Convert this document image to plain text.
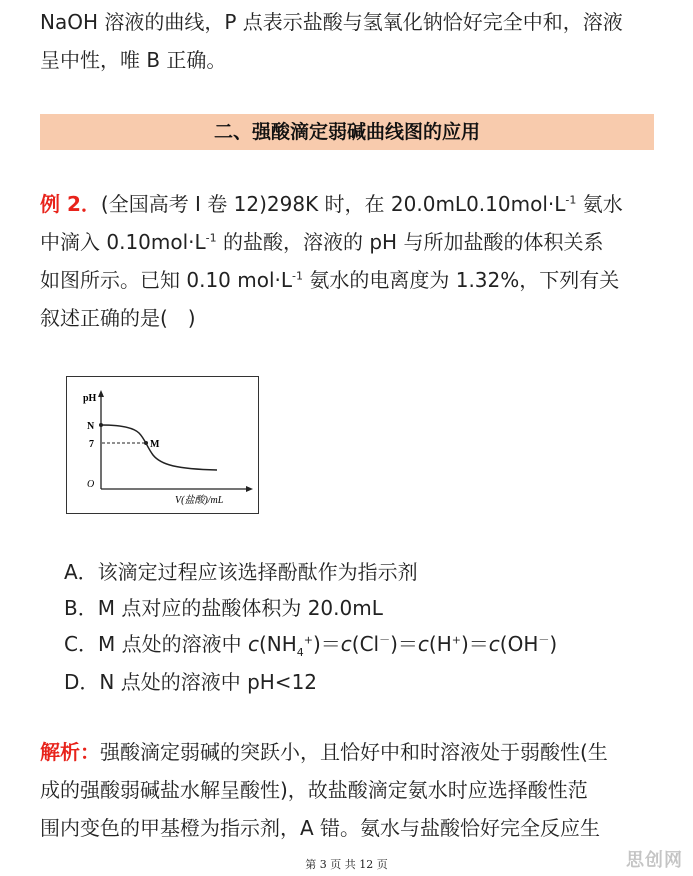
NaOH 溶液的曲线，P 点表示盐酸与氢氧化钠恰好完全中和，溶液
呈中性，唯 B 正确。
二、强酸滴定弱碱曲线图的应用
例 2．(全国高考 I 卷 12)298K 时，在 $20.0mL0.10mol\cdot L^{-1}$ 氨水
中滴入 $0.10mol\cdot L^{-1}$ 的盐酸，溶液的 pH 与所加盐酸的体积关系
如图所示。已知 0.10 $mol\cdot L^{-1}$ 氨水的电离度为 1.32%，下列有关
叙述正确的是(　)
pH
N
7
O
M
V(盐酸)/mL
A．该滴定过程应该选择酚酞作为指示剂
B．M 点对应的盐酸体积为 20.0mL
C．M 点处的溶液中 $c(NH_4^+)=c(Cl^-)=c(H^+)=c(OH^-)$
D．N 点处的溶液中 pH<12
解析：强酸滴定弱碱的突跃小，且恰好中和时溶液处于弱酸性(生
成的强酸弱碱盐水解呈酸性)，故盐酸滴定氨水时应选择酸性范
围内变色的甲基橙为指示剂，A 错。氨水与盐酸恰好完全反应生
第 3 页 共 12 页	思创网
